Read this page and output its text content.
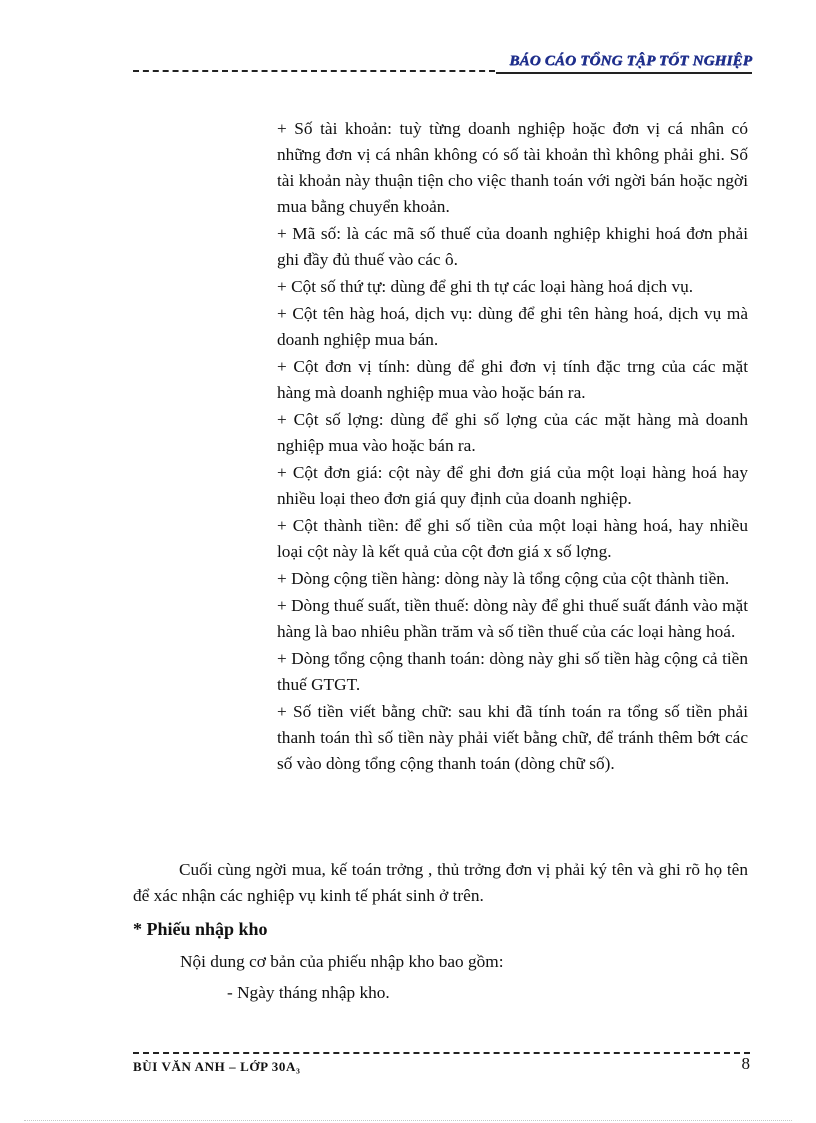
BÁO CÁO TỔNG TẬP TỐT NGHIỆP

+ Số tài khoản: tuỳ từng doanh nghiệp hoặc đơn vị cá nhân có những đơn vị cá nhân không có số tài khoản thì không phải ghi. Số tài khoản này thuận tiện cho việc thanh toán với ngời bán hoặc ngời mua bằng chuyển khoản.

+ Mã số: là các mã số thuế của doanh nghiệp khighi hoá đơn phải ghi đầy đủ thuế vào các ô.

+ Cột số thứ tự: dùng để ghi th tự các loại hàng hoá dịch vụ.

+ Cột tên hàg hoá, dịch vụ: dùng để ghi tên hàng hoá, dịch vụ mà doanh nghiệp mua bán.

+ Cột đơn vị tính: dùng để ghi đơn vị tính đặc trng của các mặt hàng mà doanh nghiệp mua vào hoặc bán ra.

+ Cột số lợng: dùng để ghi số lợng của các mặt hàng mà doanh nghiệp mua vào hoặc bán ra.

+ Cột đơn giá: cột này để ghi đơn giá của một loại hàng hoá hay nhiều loại theo đơn giá quy định của doanh nghiệp.

+ Cột thành tiền: để ghi số tiền của một loại hàng hoá, hay nhiều loại cột này là kết quả của cột đơn giá x số lợng.

+ Dòng cộng tiền hàng: dòng này là tổng cộng của cột thành tiền.

+ Dòng thuế suất, tiền thuế: dòng này để ghi thuế suất đánh vào mặt hàng là bao nhiêu phần trăm và số tiền thuế của các loại hàng hoá.

+ Dòng tổng cộng thanh toán: dòng này ghi số tiền hàg cộng cả tiền thuế GTGT.

+ Số tiền viết bằng chữ: sau khi đã tính toán ra tổng số tiền phải thanh toán thì số tiền này phải viết bằng chữ, để tránh thêm bớt các số vào dòng tổng cộng thanh toán (dòng chữ số).

Cuối cùng ngời mua, kế toán trởng , thủ trởng đơn vị phải ký tên và ghi rõ họ tên để xác nhận các nghiệp vụ kinh tế phát sinh ở trên.

* Phiếu nhập kho
Nội dung cơ bản của phiếu nhập kho bao gồm:
- Ngày tháng nhập kho.
BÙI VĂN ANH – LỚP 30A₃	8
